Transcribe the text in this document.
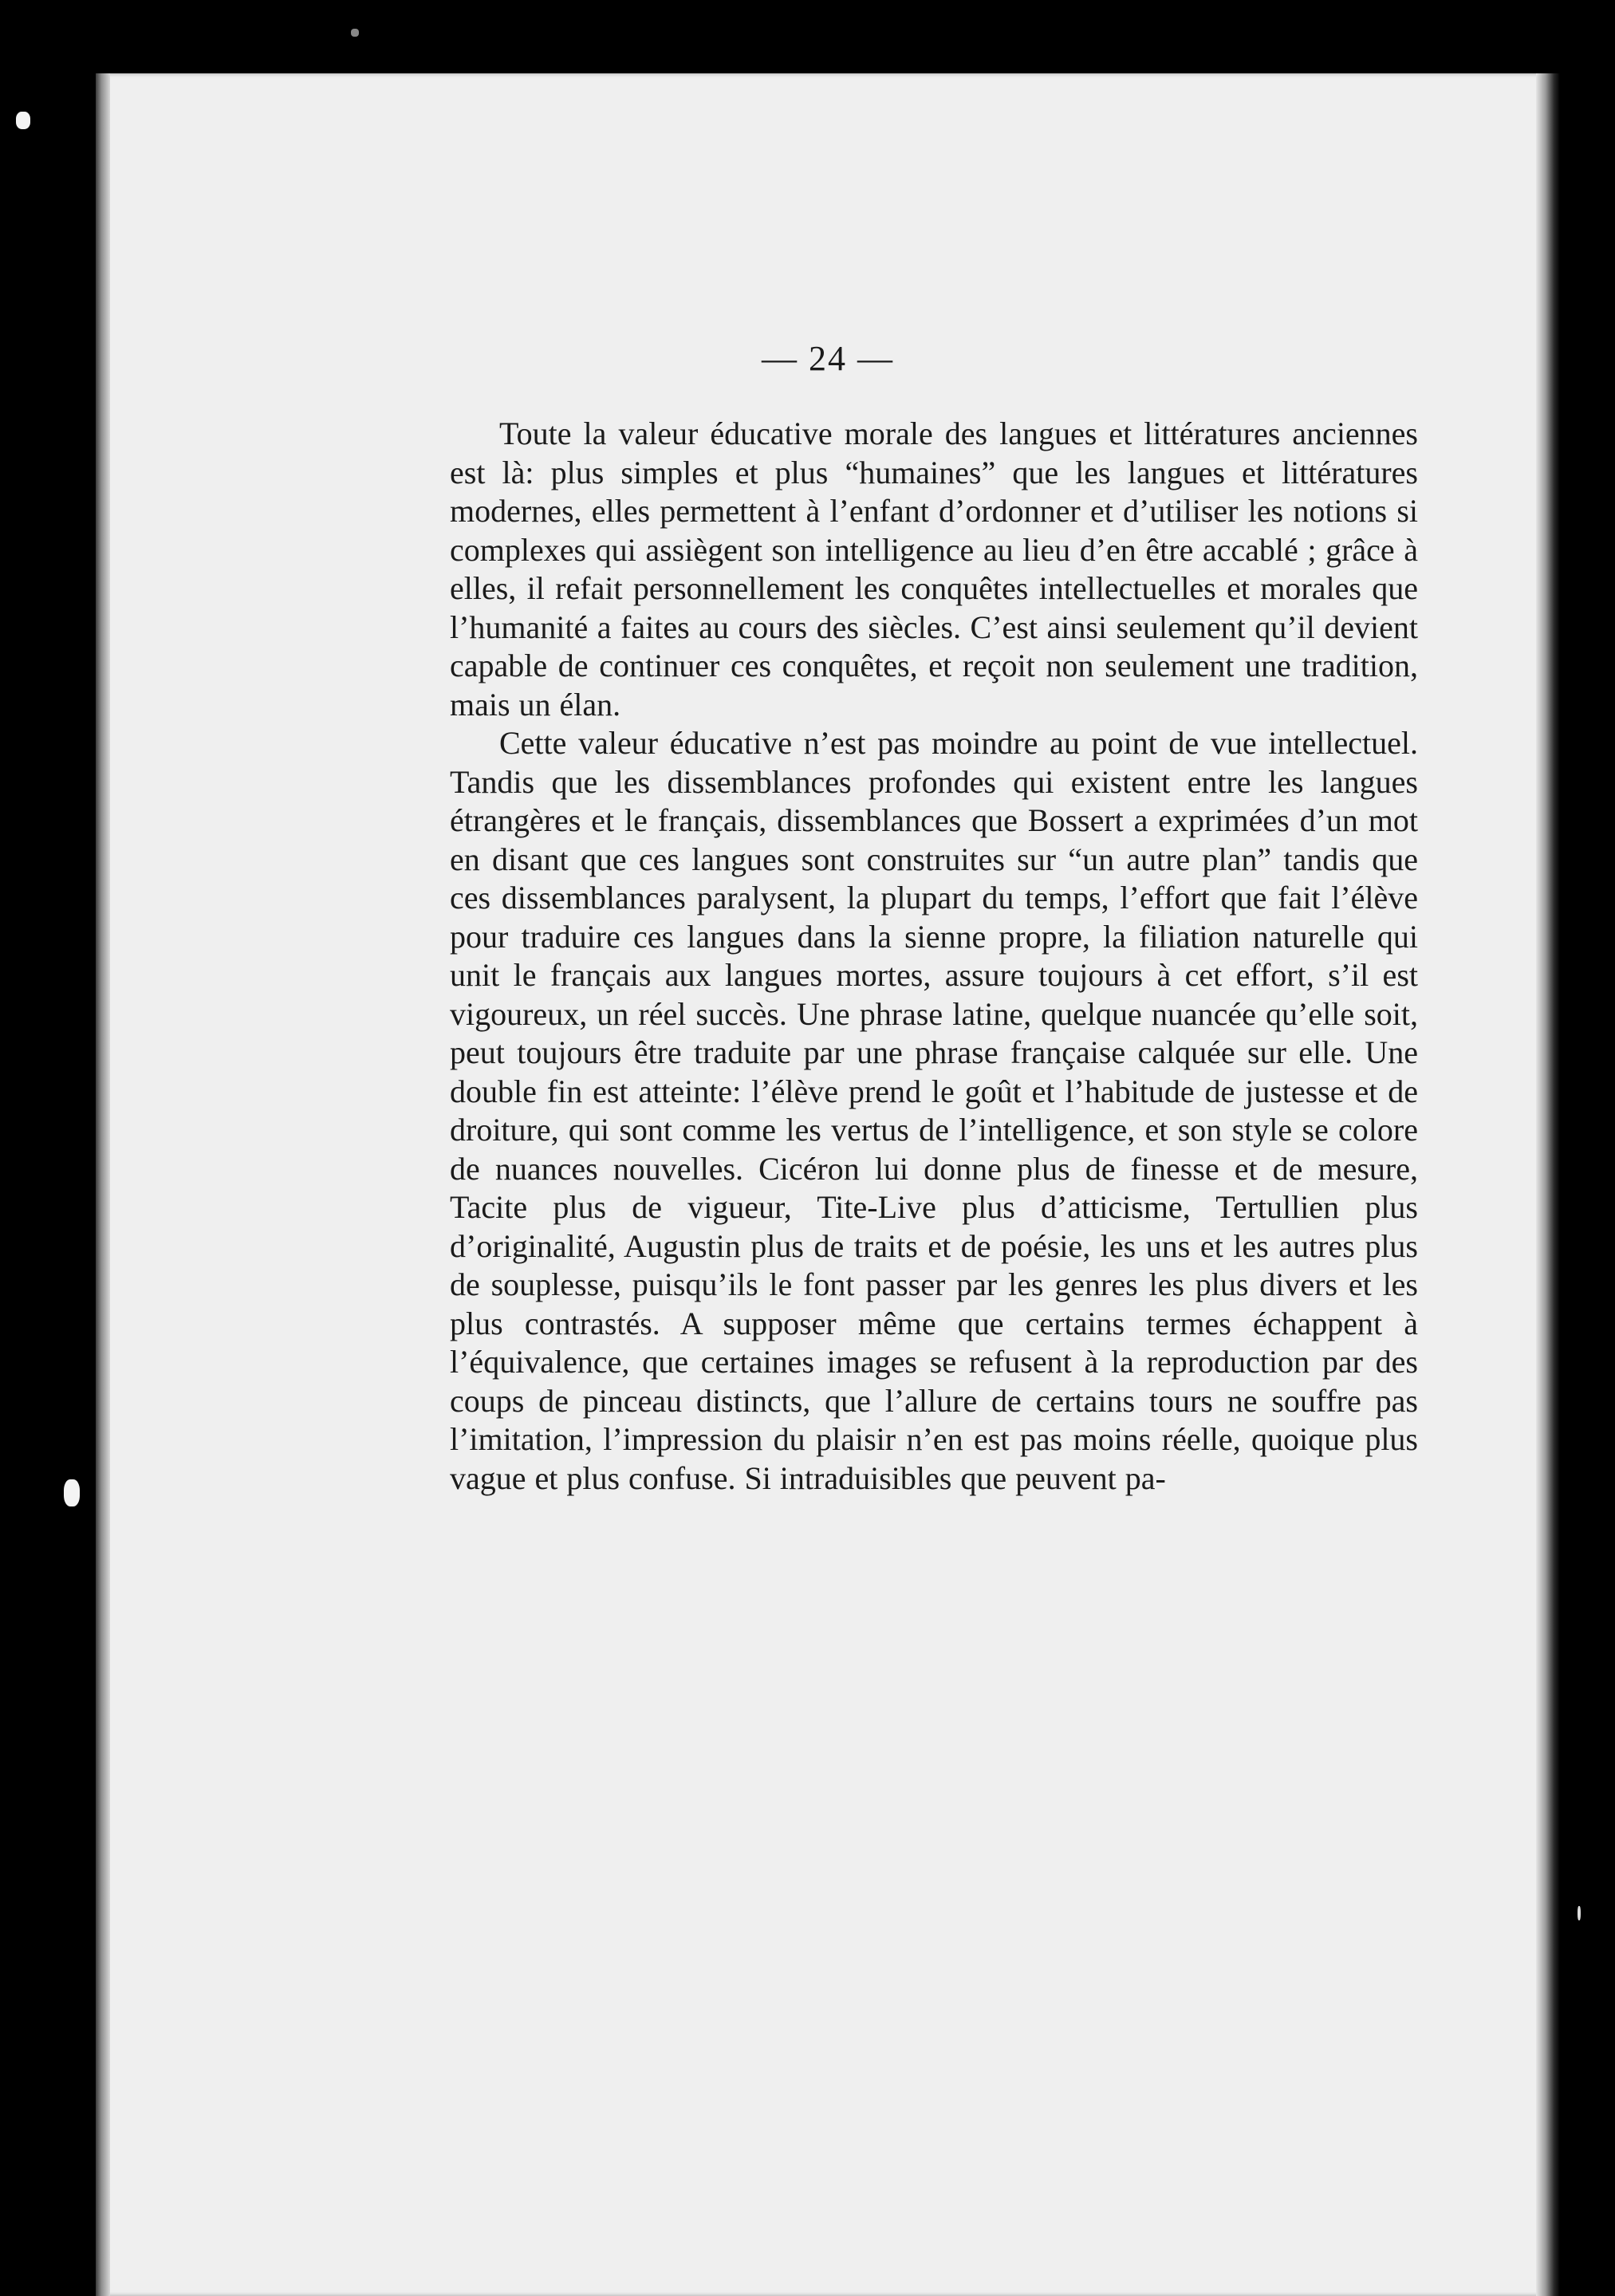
— 24 —

Toute la valeur éducative morale des langues et littératures anciennes est là: plus simples et plus “humaines” que les langues et littératures modernes, elles permettent à l’enfant d’ordonner et d’utiliser les notions si complexes qui assiègent son intelligence au lieu d’en être accablé ; grâce à elles, il refait personnellement les conquêtes intellectuelles et morales que l’humanité a faites au cours des siècles. C’est ainsi seulement qu’il devient capable de continuer ces conquêtes, et reçoit non seulement une tradition, mais un élan.

Cette valeur éducative n’est pas moindre au point de vue intellectuel. Tandis que les dissemblances profondes qui existent entre les langues étrangères et le français, dissemblances que Bossert a exprimées d’un mot en disant que ces langues sont construites sur “un autre plan” tandis que ces dissemblances paralysent, la plupart du temps, l’effort que fait l’élève pour traduire ces langues dans la sienne propre, la filiation naturelle qui unit le français aux langues mortes, assure toujours à cet effort, s’il est vigoureux, un réel succès. Une phrase latine, quelque nuancée qu’elle soit, peut toujours être traduite par une phrase française calquée sur elle. Une double fin est atteinte: l’élève prend le goût et l’habitude de justesse et de droiture, qui sont comme les vertus de l’intelligence, et son style se colore de nuances nouvelles. Cicéron lui donne plus de finesse et de mesure, Tacite plus de vigueur, Tite-Live plus d’atticisme, Tertullien plus d’originalité, Augustin plus de traits et de poésie, les uns et les autres plus de souplesse, puisqu’ils le font passer par les genres les plus divers et les plus contrastés. A supposer même que certains termes échappent à l’équivalence, que certaines images se refusent à la reproduction par des coups de pinceau distincts, que l’allure de certains tours ne souffre pas l’imitation, l’impression du plaisir n’en est pas moins réelle, quoique plus vague et plus confuse. Si intraduisibles que peuvent pa-
